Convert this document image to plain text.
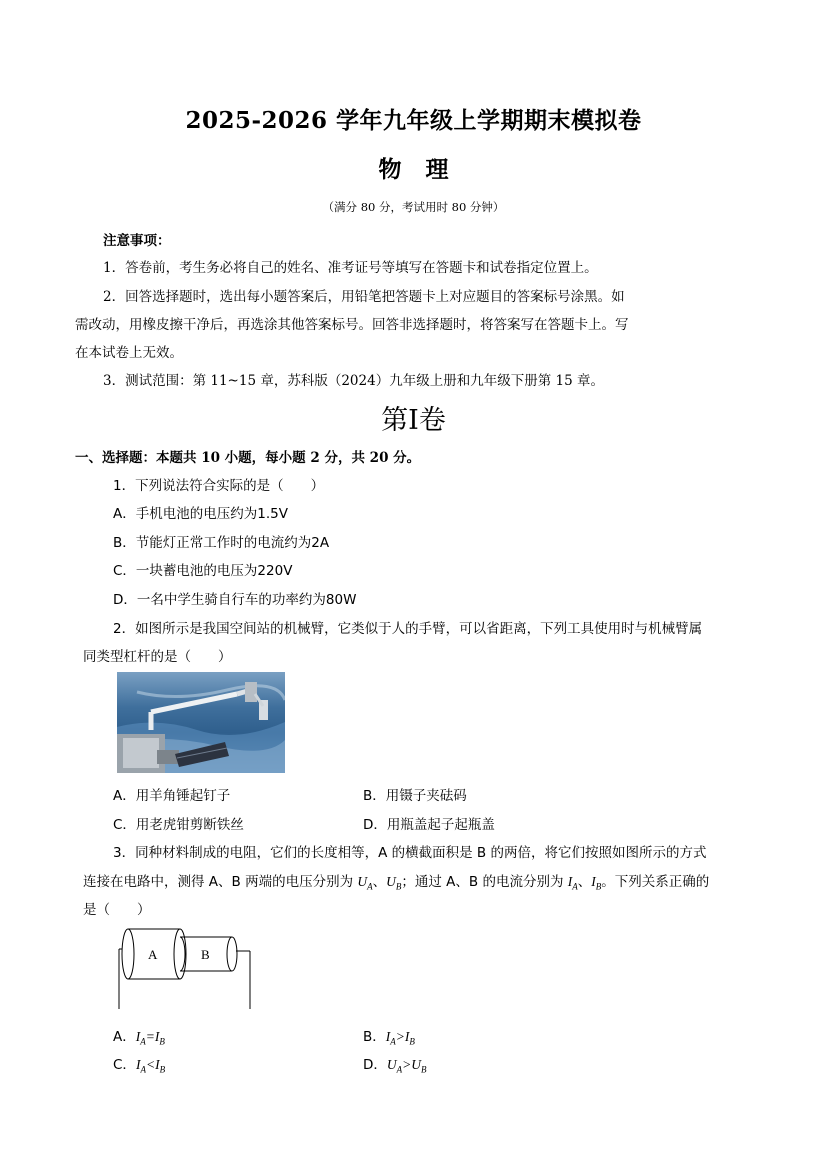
2025-2026 学年九年级上学期期末模拟卷
物理
（满分 80 分，考试用时 80 分钟）
注意事项：
1．答卷前，考生务必将自己的姓名、准考证号等填写在答题卡和试卷指定位置上。
2．回答选择题时，选出每小题答案后，用铅笔把答题卡上对应题目的答案标号涂黑。如
需改动，用橡皮擦干净后，再选涂其他答案标号。回答非选择题时，将答案写在答题卡上。写
在本试卷上无效。
3．测试范围：第 11~15 章，苏科版（2024）九年级上册和九年级下册第 15 章。
第I卷
一、选择题：本题共 10 小题，每小题 2 分，共 20 分。
1．下列说法符合实际的是（　　）
A．手机电池的电压约为1.5V
B．节能灯正常工作时的电流约为2A
C．一块蓄电池的电压为220V
D．一名中学生骑自行车的功率约为80W
2．如图所示是我国空间站的机械臂，它类似于人的手臂，可以省距离，下列工具使用时与机械臂属
同类型杠杆的是（　　）
A．用羊角锤起钉子	B．用镊子夹砝码
C．用老虎钳剪断铁丝	D．用瓶盖起子起瓶盖
3．同种材料制成的电阻，它们的长度相等，A 的横截面积是 B 的两倍，将它们按照如图所示的方式
连接在电路中，测得 A、B 两端的电压分别为 $U_A$、$U_B$；通过 A、B 的电流分别为 $I_A$、$I_B$。下列关系正确的
是（　　）
A	B
A．$I_A=I_B$	B．$I_A>I_B$
C．$I_A<I_B$	D．$U_A>U_B$
